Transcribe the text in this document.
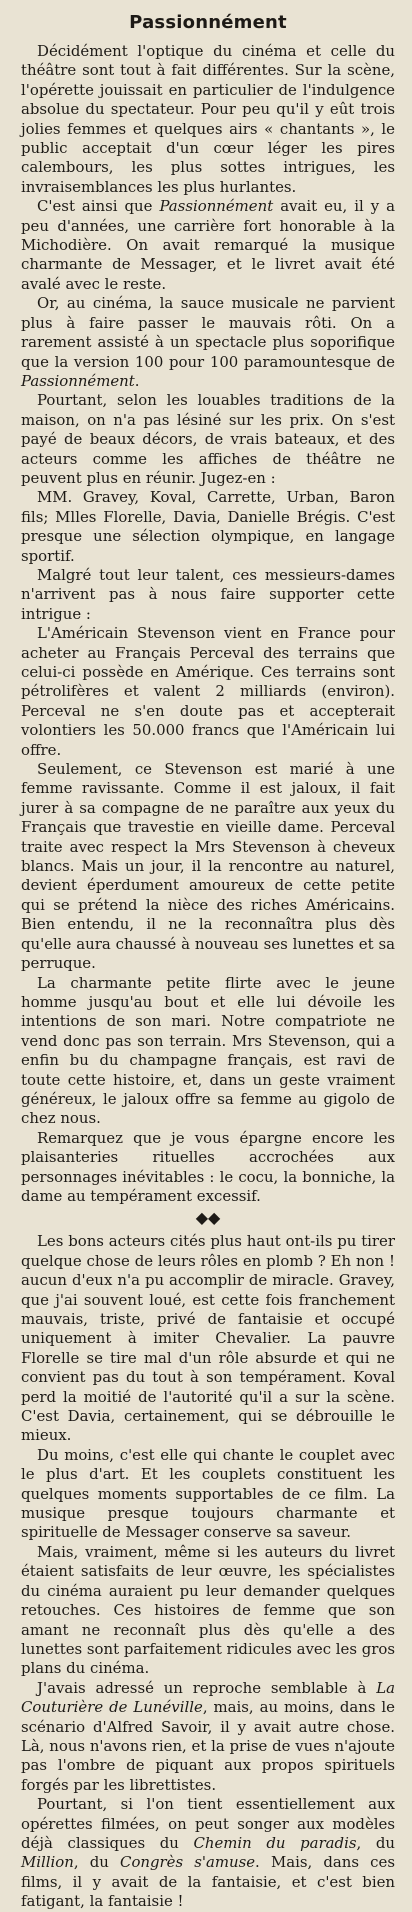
Passionnément

Décidément l'optique du cinéma et celle du théâtre sont tout à fait différentes. Sur la scène, l'opérette jouissait en particulier de l'indulgence absolue du spectateur. Pour peu qu'il y eût trois jolies femmes et quelques airs « chantants », le public acceptait d'un cœur léger les pires calembours, les plus sottes intrigues, les invraisemblances les plus hurlantes.

C'est ainsi que Passionnément avait eu, il y a peu d'années, une carrière fort honorable à la Michodière. On avait remarqué la musique charmante de Messager, et le livret avait été avalé avec le reste.

Or, au cinéma, la sauce musicale ne parvient plus à faire passer le mauvais rôti. On a rarement assisté à un spectacle plus soporifique que la version 100 pour 100 paramountesque de Passionnément.

Pourtant, selon les louables traditions de la maison, on n'a pas lésiné sur les prix. On s'est payé de beaux décors, de vrais bateaux, et des acteurs comme les affiches de théâtre ne peuvent plus en réunir. Jugez-en :

MM. Gravey, Koval, Carrette, Urban, Baron fils; Mlles Florelle, Davia, Danielle Brégis. C'est presque une sélection olympique, en langage sportif.

Malgré tout leur talent, ces messieurs-dames n'arrivent pas à nous faire supporter cette intrigue :

L'Américain Stevenson vient en France pour acheter au Français Perceval des terrains que celui-ci possède en Amérique. Ces terrains sont pétrolifères et valent 2 milliards (environ). Perceval ne s'en doute pas et accepterait volontiers les 50.000 francs que l'Américain lui offre.

Seulement, ce Stevenson est marié à une femme ravissante. Comme il est jaloux, il fait jurer à sa compagne de ne paraître aux yeux du Français que travestie en vieille dame. Perceval traite avec respect la Mrs Stevenson à cheveux blancs. Mais un jour, il la rencontre au naturel, devient éperdument amoureux de cette petite qui se prétend la nièce des riches Américains. Bien entendu, il ne la reconnaîtra plus dès qu'elle aura chaussé à nouveau ses lunettes et sa perruque.

La charmante petite flirte avec le jeune homme jusqu'au bout et elle lui dévoile les intentions de son mari. Notre compatriote ne vend donc pas son terrain. Mrs Stevenson, qui a enfin bu du champagne français, est ravi de toute cette histoire, et, dans un geste vraiment généreux, le jaloux offre sa femme au gigolo de chez nous.

Remarquez que je vous épargne encore les plaisanteries rituelles accrochées aux personnages inévitables : le cocu, la bonniche, la dame au tempérament excessif.

◆◆

Les bons acteurs cités plus haut ont-ils pu tirer quelque chose de leurs rôles en plomb ? Eh non ! aucun d'eux n'a pu accomplir de miracle. Gravey, que j'ai souvent loué, est cette fois franchement mauvais, triste, privé de fantaisie et occupé uniquement à imiter Chevalier. La pauvre Florelle se tire mal d'un rôle absurde et qui ne convient pas du tout à son tempérament. Koval perd la moitié de l'autorité qu'il a sur la scène. C'est Davia, certainement, qui se débrouille le mieux.

Du moins, c'est elle qui chante le couplet avec le plus d'art. Et les couplets constituent les quelques moments supportables de ce film. La musique presque toujours charmante et spirituelle de Messager conserve sa saveur.

Mais, vraiment, même si les auteurs du livret étaient satisfaits de leur œuvre, les spécialistes du cinéma auraient pu leur demander quelques retouches. Ces histoires de femme que son amant ne reconnaît plus dès qu'elle a des lunettes sont parfaitement ridicules avec les gros plans du cinéma.

J'avais adressé un reproche semblable à La Couturière de Lunéville, mais, au moins, dans le scénario d'Alfred Savoir, il y avait autre chose. Là, nous n'avons rien, et la prise de vues n'ajoute pas l'ombre de piquant aux propos spirituels forgés par les librettistes.

Pourtant, si l'on tient essentiellement aux opérettes filmées, on peut songer aux modèles déjà classiques du Chemin du paradis, du Million, du Congrès s'amuse. Mais, dans ces films, il y avait de la fantaisie, et c'est bien fatigant, la fantaisie !
